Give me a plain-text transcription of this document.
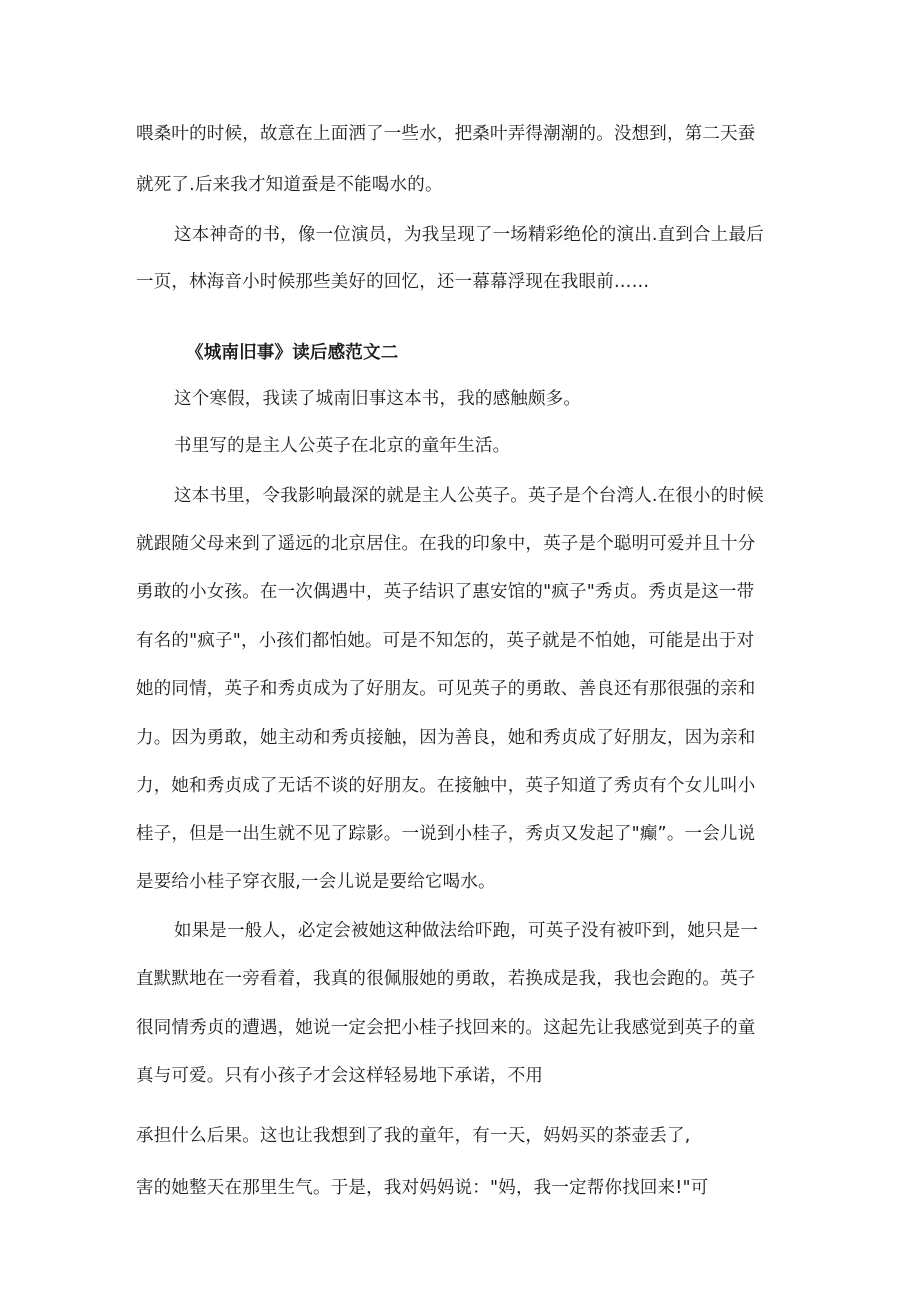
喂桑叶的时候，故意在上面洒了一些水，把桑叶弄得潮潮的。没想到，第二天蚕
就死了.后来我才知道蚕是不能喝水的。
这本神奇的书，像一位演员，为我呈现了一场精彩绝伦的演出.直到合上最后
一页，林海音小时候那些美好的回忆，还一幕幕浮现在我眼前……
《城南旧事》读后感范文二
这个寒假，我读了城南旧事这本书，我的感触颇多。
书里写的是主人公英子在北京的童年生活。
这本书里，令我影响最深的就是主人公英子。英子是个台湾人.在很小的时候
就跟随父母来到了遥远的北京居住。在我的印象中，英子是个聪明可爱并且十分
勇敢的小女孩。在一次偶遇中，英子结识了惠安馆的"疯子"秀贞。秀贞是这一带
有名的"疯子"，小孩们都怕她。可是不知怎的，英子就是不怕她，可能是出于对
她的同情，英子和秀贞成为了好朋友。可见英子的勇敢、善良还有那很强的亲和
力。因为勇敢，她主动和秀贞接触，因为善良，她和秀贞成了好朋友，因为亲和
力，她和秀贞成了无话不谈的好朋友。在接触中，英子知道了秀贞有个女儿叫小
桂子，但是一出生就不见了踪影。一说到小桂子，秀贞又发起了"癫”。一会儿说
是要给小桂子穿衣服,一会儿说是要给它喝水。
如果是一般人，必定会被她这种做法给吓跑，可英子没有被吓到，她只是一
直默默地在一旁看着，我真的很佩服她的勇敢，若换成是我，我也会跑的。英子
很同情秀贞的遭遇，她说一定会把小桂子找回来的。这起先让我感觉到英子的童
真与可爱。只有小孩子才会这样轻易地下承诺，不用
承担什么后果。这也让我想到了我的童年，有一天，妈妈买的茶壶丢了,
害的她整天在那里生气。于是，我对妈妈说："妈，我一定帮你找回来!"可
